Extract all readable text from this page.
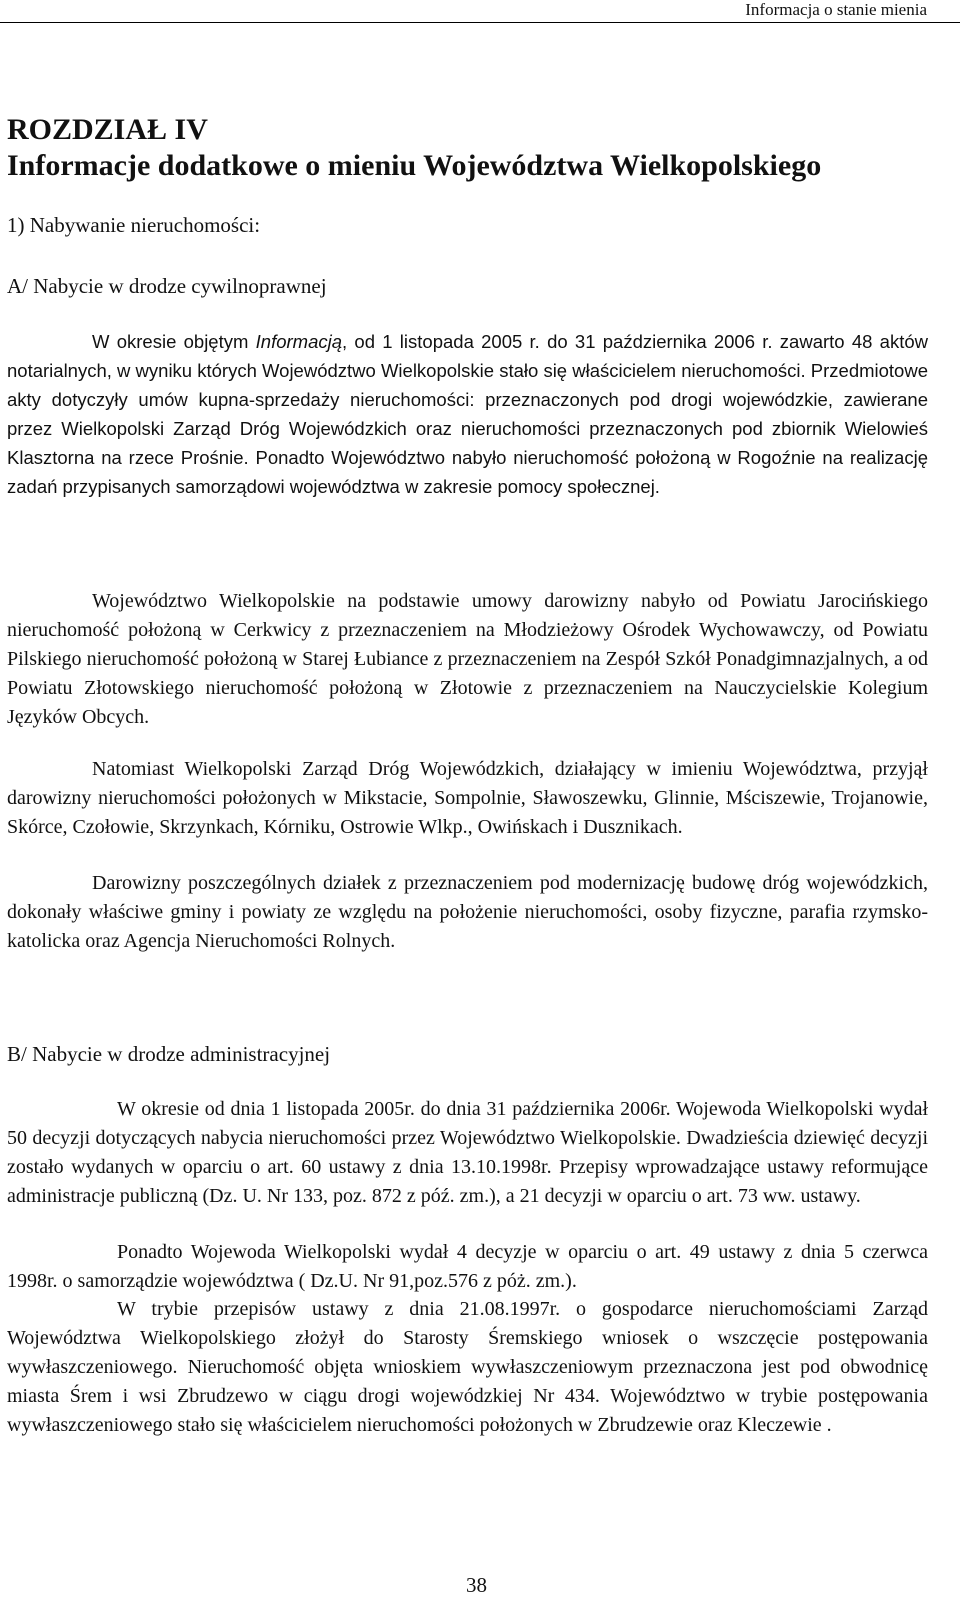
Informacja o stanie mienia
ROZDZIAŁ IV
Informacje dodatkowe o mieniu Województwa Wielkopolskiego
1) Nabywanie nieruchomości:
A/ Nabycie w drodze cywilnoprawnej

W okresie objętym Informacją, od 1 listopada 2005 r. do 31 października 2006 r. zawarto 48 aktów notarialnych, w wyniku których Województwo Wielkopolskie stało się właścicielem nieruchomości. Przedmiotowe akty dotyczyły umów kupna-sprzedaży nieruchomości: przeznaczonych pod drogi wojewódzkie, zawierane przez Wielkopolski Zarząd Dróg Wojewódzkich oraz nieruchomości przeznaczonych pod zbiornik Wielowieś Klasztorna na rzece Prośnie. Ponadto Województwo nabyło nieruchomość położoną w Rogoźnie na realizację zadań przypisanych samorządowi województwa w zakresie pomocy społecznej.

Województwo Wielkopolskie na podstawie umowy darowizny nabyło od Powiatu Jarocińskiego nieruchomość położoną w Cerkwicy z przeznaczeniem na Młodzieżowy Ośrodek Wychowawczy, od Powiatu Pilskiego nieruchomość położoną w Starej Łubiance z przeznaczeniem na Zespół Szkół Ponadgimnazjalnych, a od Powiatu Złotowskiego nieruchomość położoną w Złotowie z przeznaczeniem na Nauczycielskie Kolegium Języków Obcych.

Natomiast Wielkopolski Zarząd Dróg Wojewódzkich, działający w imieniu Województwa, przyjął darowizny nieruchomości położonych w Mikstacie, Sompolnie, Sławoszewku, Glinnie, Mściszewie, Trojanowie, Skórce, Czołowie, Skrzynkach, Kórniku, Ostrowie Wlkp., Owińskach i Dusznikach.

Darowizny poszczególnych działek z przeznaczeniem pod modernizację budowę dróg wojewódzkich, dokonały właściwe gminy i powiaty ze względu na położenie nieruchomości, osoby fizyczne, parafia rzymsko-katolicka oraz Agencja Nieruchomości Rolnych.

B/ Nabycie w drodze administracyjnej

W okresie od dnia 1 listopada 2005r. do dnia 31 października 2006r. Wojewoda Wielkopolski wydał 50 decyzji dotyczących nabycia nieruchomości przez Województwo Wielkopolskie. Dwadzieścia dziewięć decyzji zostało wydanych w oparciu o art. 60 ustawy z dnia 13.10.1998r. Przepisy wprowadzające ustawy reformujące administracje publiczną (Dz. U. Nr 133, poz. 872 z póź. zm.), a 21 decyzji w oparciu o art. 73 ww. ustawy.

Ponadto Wojewoda Wielkopolski wydał 4 decyzje w oparciu o art. 49 ustawy z dnia 5 czerwca 1998r. o samorządzie województwa ( Dz.U. Nr 91,poz.576 z póż. zm.).

W trybie przepisów ustawy z dnia 21.08.1997r. o gospodarce nieruchomościami Zarząd Województwa Wielkopolskiego złożył do Starosty Śremskiego wniosek o wszczęcie postępowania wywłaszczeniowego. Nieruchomość objęta wnioskiem wywłaszczeniowym przeznaczona jest pod obwodnicę miasta Śrem i wsi Zbrudzewo w ciągu drogi wojewódzkiej Nr 434. Województwo w trybie postępowania wywłaszczeniowego stało się właścicielem nieruchomości położonych w Zbrudzewie oraz Kleczewie .

38
